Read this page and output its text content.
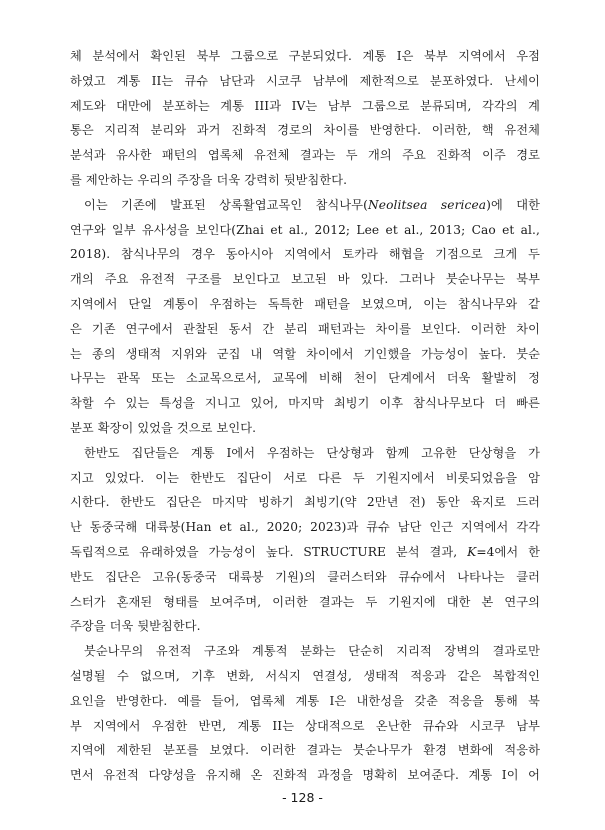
체 분석에서 확인된 북부 그룹으로 구분되었다. 계통 I은 북부 지역에서 우점
하였고 계통 II는 큐슈 남단과 시코쿠 남부에 제한적으로 분포하였다. 난세이
제도와 대만에 분포하는 계통 III과 IV는 남부 그룹으로 분류되며, 각각의 계
통은 지리적 분리와 과거 진화적 경로의 차이를 반영한다. 이러한, 핵 유전체
분석과 유사한 패턴의 엽록체 유전체 결과는 두 개의 주요 진화적 이주 경로
를 제안하는 우리의 주장을 더욱 강력히 뒷받침한다.

이는 기존에 발표된 상록활엽교목인 참식나무(Neolitsea sericea)에 대한
연구와 일부 유사성을 보인다(Zhai et al., 2012; Lee et al., 2013; Cao et al.,
2018). 참식나무의 경우 동아시아 지역에서 토카라 해협을 기점으로 크게 두
개의 주요 유전적 구조를 보인다고 보고된 바 있다. 그러나 붓순나무는 북부
지역에서 단일 계통이 우점하는 독특한 패턴을 보였으며, 이는 참식나무와 같
은 기존 연구에서 관찰된 동서 간 분리 패턴과는 차이를 보인다. 이러한 차이
는 종의 생태적 지위와 군집 내 역할 차이에서 기인했을 가능성이 높다. 붓순
나무는 관목 또는 소교목으로서, 교목에 비해 천이 단계에서 더욱 활발히 정
착할 수 있는 특성을 지니고 있어, 마지막 최빙기 이후 참식나무보다 더 빠른
분포 확장이 있었을 것으로 보인다.

한반도 집단들은 계통 I에서 우점하는 단상형과 함께 고유한 단상형을 가
지고 있었다. 이는 한반도 집단이 서로 다른 두 기원지에서 비롯되었음을 암
시한다. 한반도 집단은 마지막 빙하기 최빙기(약 2만년 전) 동안 육지로 드러
난 동중국해 대륙붕(Han et al., 2020; 2023)과 큐슈 남단 인근 지역에서 각각
독립적으로 유래하였을 가능성이 높다. STRUCTURE 분석 결과, K=4에서 한
반도 집단은 고유(동중국 대륙붕 기원)의 클러스터와 큐슈에서 나타나는 클러
스터가 혼재된 형태를 보여주며, 이러한 결과는 두 기원지에 대한 본 연구의
주장을 더욱 뒷받침한다.

붓순나무의 유전적 구조와 계통적 분화는 단순히 지리적 장벽의 결과로만
설명될 수 없으며, 기후 변화, 서식지 연결성, 생태적 적응과 같은 복합적인
요인을 반영한다. 예를 들어, 엽록체 계통 I은 내한성을 갖춘 적응을 통해 북
부 지역에서 우점한 반면, 계통 II는 상대적으로 온난한 큐슈와 시코쿠 남부
지역에 제한된 분포를 보였다. 이러한 결과는 붓순나무가 환경 변화에 적응하
면서 유전적 다양성을 유지해 온 진화적 과정을 명확히 보여준다. 계통 I이 어

- 128 -
